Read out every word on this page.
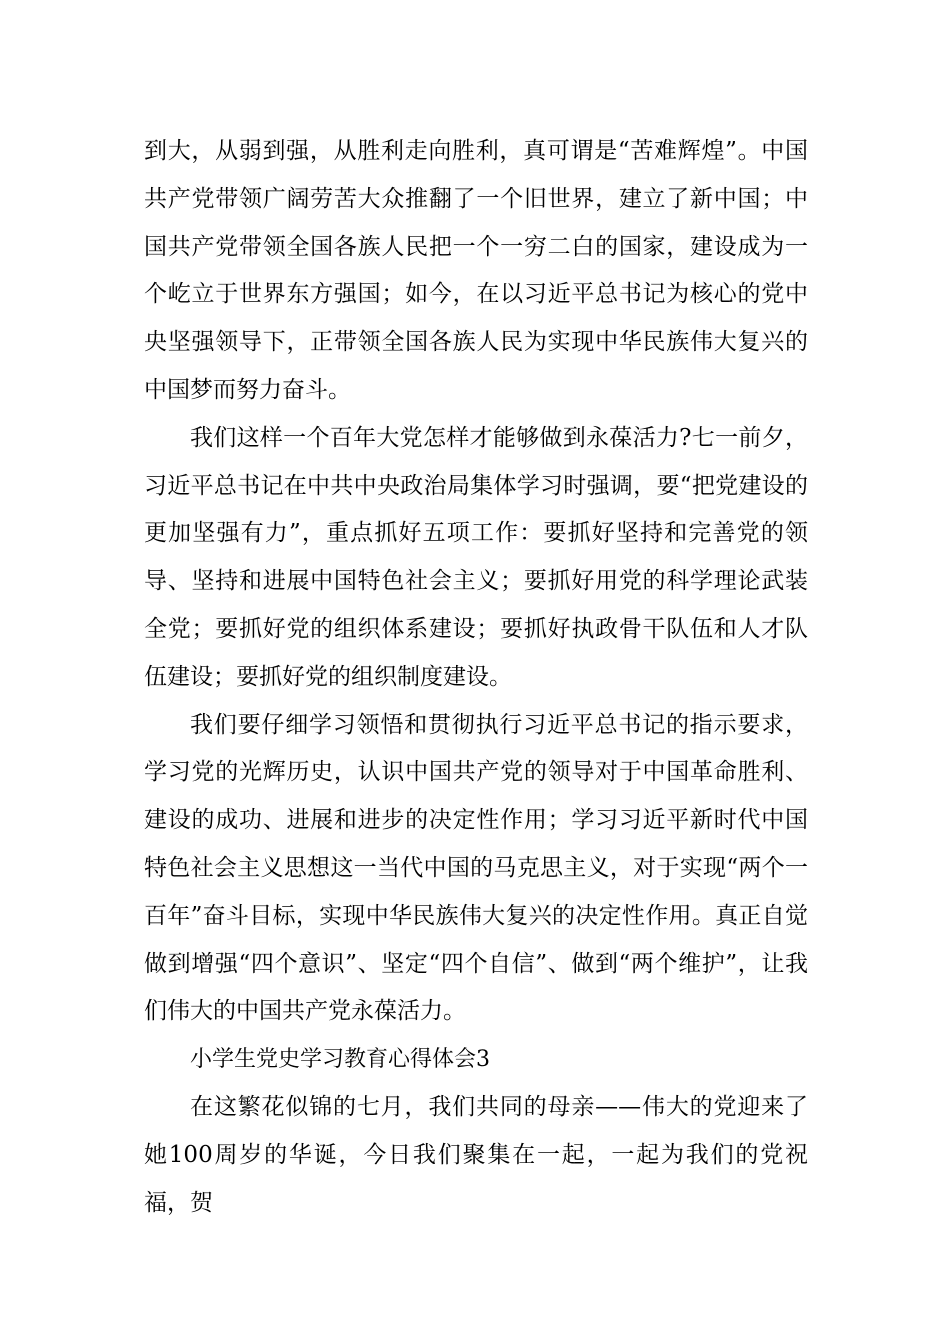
到大，从弱到强，从胜利走向胜利，真可谓是“苦难辉煌”。中国共产党带领广阔劳苦大众推翻了一个旧世界，建立了新中国；中国共产党带领全国各族人民把一个一穷二白的国家，建设成为一个屹立于世界东方强国；如今，在以习近平总书记为核心的党中央坚强领导下，正带领全国各族人民为实现中华民族伟大复兴的中国梦而努力奋斗。

我们这样一个百年大党怎样才能够做到永葆活力?七一前夕，习近平总书记在中共中央政治局集体学习时强调，要“把党建设的更加坚强有力”，重点抓好五项工作：要抓好坚持和完善党的领导、坚持和进展中国特色社会主义；要抓好用党的科学理论武装全党；要抓好党的组织体系建设；要抓好执政骨干队伍和人才队伍建设；要抓好党的组织制度建设。

我们要仔细学习领悟和贯彻执行习近平总书记的指示要求，学习党的光辉历史，认识中国共产党的领导对于中国革命胜利、建设的成功、进展和进步的决定性作用；学习习近平新时代中国特色社会主义思想这一当代中国的马克思主义，对于实现“两个一百年”奋斗目标，实现中华民族伟大复兴的决定性作用。真正自觉做到增强“四个意识”、坚定“四个自信”、做到“两个维护”，让我们伟大的中国共产党永葆活力。

小学生党史学习教育心得体会3

在这繁花似锦的七月，我们共同的母亲——伟大的党迎来了她100周岁的华诞，今日我们聚集在一起，一起为我们的党祝福，贺
